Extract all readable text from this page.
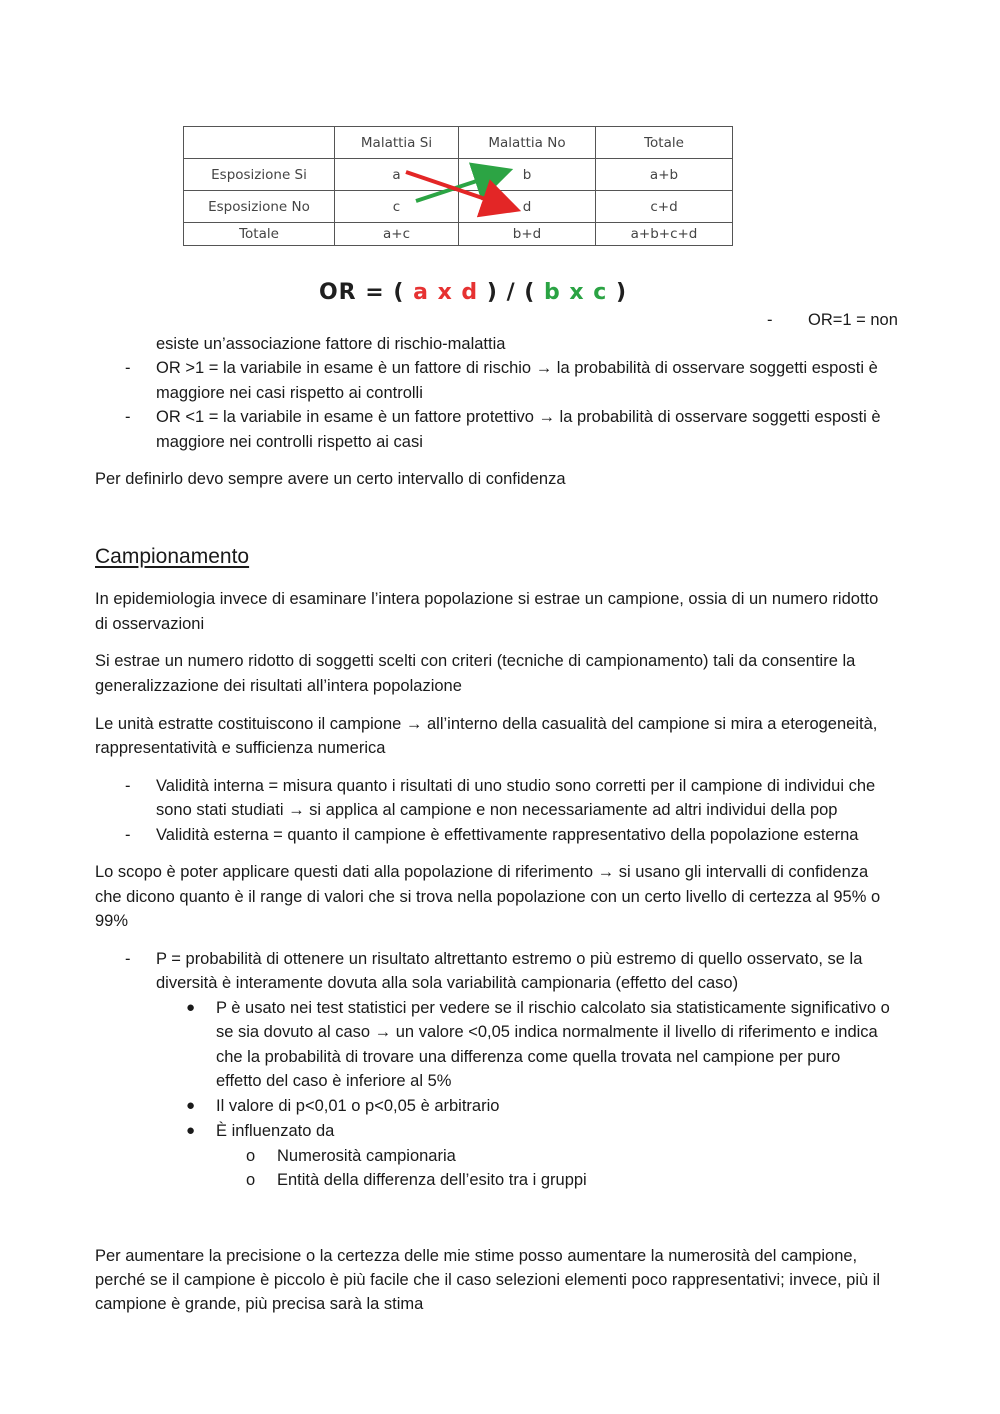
	Malattia Si	Malattia No	Totale
Esposizione Si	a	b	a+b
Esposizione No	c	d	c+d
Totale	a+c	b+d	a+b+c+d
OR = ( a x d ) / ( b x c )
- OR=1 = non
esiste un’associazione fattore di rischio-malattia
- OR >1 = la variabile in esame è un fattore di rischio → la probabilità di osservare soggetti esposti è
maggiore nei casi rispetto ai controlli
- OR <1 = la variabile in esame è un fattore protettivo → la probabilità di osservare soggetti esposti è
maggiore nei controlli rispetto ai casi
Per definirlo devo sempre avere un certo intervallo di confidenza
Campionamento
In epidemiologia invece di esaminare l’intera popolazione si estrae un campione, ossia di un numero ridotto
di osservazioni
Si estrae un numero ridotto di soggetti scelti con criteri (tecniche di campionamento) tali da consentire la
generalizzazione dei risultati all’intera popolazione
Le unità estratte costituiscono il campione → all’interno della casualità del campione si mira a eterogeneità,
rappresentatività e sufficienza numerica
- Validità interna = misura quanto i risultati di uno studio sono corretti per il campione di individui che
sono stati studiati → si applica al campione e non necessariamente ad altri individui della pop
- Validità esterna = quanto il campione è effettivamente rappresentativo della popolazione esterna
Lo scopo è poter applicare questi dati alla popolazione di riferimento → si usano gli intervalli di confidenza
che dicono quanto è il range di valori che si trova nella popolazione con un certo livello di certezza al 95% o
99%
- P = probabilità di ottenere un risultato altrettanto estremo o più estremo di quello osservato, se la
diversità è interamente dovuta alla sola variabilità campionaria (effetto del caso)
● P è usato nei test statistici per vedere se il rischio calcolato sia statisticamente significativo o
se sia dovuto al caso → un valore <0,05 indica normalmente il livello di riferimento e indica
che la probabilità di trovare una differenza come quella trovata nel campione per puro
effetto del caso è inferiore al 5%
● Il valore di p<0,01 o p<0,05 è arbitrario
● È influenzato da
o Numerosità campionaria
o Entità della differenza dell’esito tra i gruppi
Per aumentare la precisione o la certezza delle mie stime posso aumentare la numerosità del campione,
perché se il campione è piccolo è più facile che il caso selezioni elementi poco rappresentativi; invece, più il
campione è grande, più precisa sarà la stima
